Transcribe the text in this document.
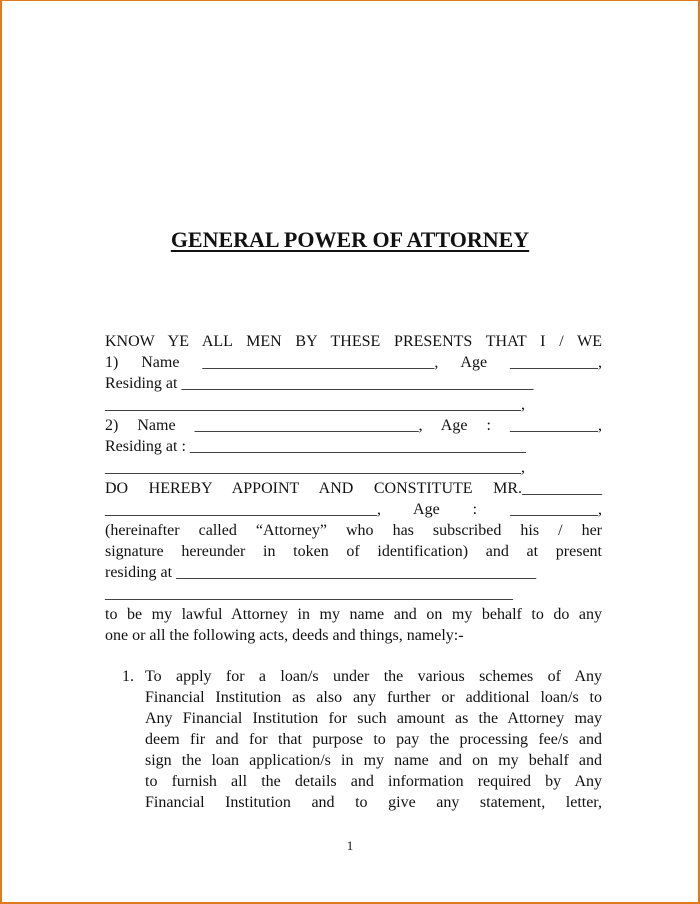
GENERAL POWER OF ATTORNEY
KNOW YE ALL MEN BY THESE PRESENTS THAT I / WE
1) Name _____________________________, Age ___________,
Residing at ____________________________________________
____________________________________________________,
2) Name ____________________________, Age : ___________,
Residing at : __________________________________________
____________________________________________________,
DO HEREBY APPOINT AND CONSTITUTE MR.__________
__________________________________, Age : ___________,
(hereinafter called “Attorney” who has subscribed his / her
signature hereunder in token of identification) and at present
residing at _____________________________________________
___________________________________________________
to be my lawful Attorney in my name and on my behalf to do any
one or all the following acts, deeds and things, namely:-
1. To apply for a loan/s under the various schemes of Any
Financial Institution as also any further or additional loan/s to
Any Financial Institution for such amount as the Attorney may
deem fir and for that purpose to pay the processing fee/s and
sign the loan application/s in my name and on my behalf and
to furnish all the details and information required by Any
Financial Institution and to give any statement, letter,
1
